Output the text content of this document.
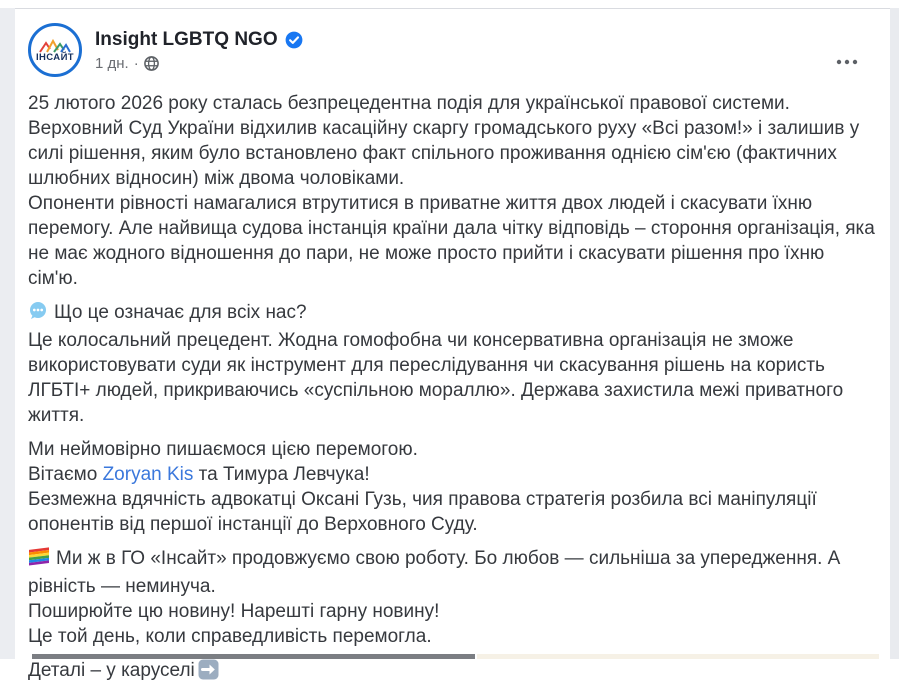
ІНСАЙТ
Insight LGBTQ NGO
1 дн. ·
25 лютого 2026 року сталась безпрецедентна подія для української правової системи.
Верховний Суд України відхилив касаційну скаргу громадського руху «Всі разом!» і залишив у силі рішення, яким було встановлено факт спільного проживання однією сім'єю (фактичних шлюбних відносин) між двома чоловіками.
Опоненти рівності намагалися втрутитися в приватне життя двох людей і скасувати їхню перемогу. Але найвища судова інстанція країни дала чітку відповідь – стороння організація, яка не має жодного відношення до пари, не може просто прийти і скасувати рішення про їхню сім'ю.
Що це означає для всіх нас?
Це колосальний прецедент. Жодна гомофобна чи консервативна організація не зможе використовувати суди як інструмент для переслідування чи скасування рішень на користь ЛГБТІ+ людей, прикриваючись «суспільною мораллю». Держава захистила межі приватного життя.
Ми неймовірно пишаємося цією перемогою.
Вітаємо Zoryan Kis та Тимура Левчука!
Безмежна вдячність адвокатці Оксані Гузь, чия правова стратегія розбила всі маніпуляції опонентів від першої інстанції до Верховного Суду.
Ми ж в ГО «Інсайт» продовжуємо свою роботу. Бо любов — сильніша за упередження. А рівність — неминуча.
Поширюйте цю новину! Нарешті гарну новину!
Це той день, коли справедливість перемогла.
Деталі – у каруселі
